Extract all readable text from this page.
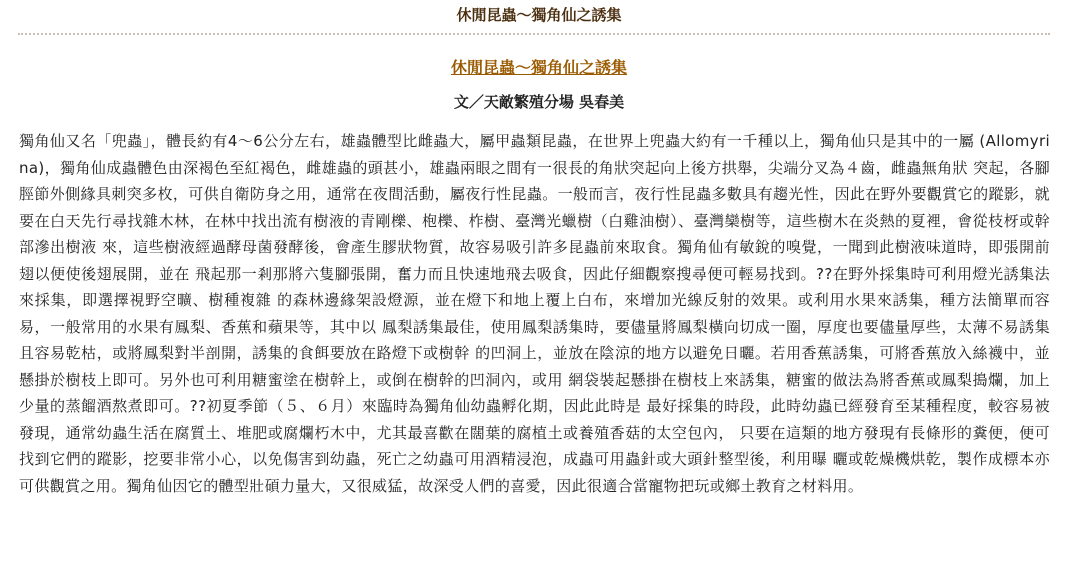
休閒昆蟲～獨角仙之誘集
休閒昆蟲～獨角仙之誘集
文／天敵繁殖分場 吳春美
獨角仙又名「兜蟲」，體長約有4～6公分左右，雄蟲體型比雌蟲大，屬甲蟲類昆蟲，在世界上兜蟲大約有一千種以上，獨角仙只是其中的一屬 (Allomyrina)，獨角仙成蟲體色由深褐色至紅褐色，雌雄蟲的頭甚小，雄蟲兩眼之間有一很長的角狀突起向上後方拱舉，尖端分叉為４齒，雌蟲無角狀 突起，各腳脛節外側緣具刺突多枚，可供自衛防身之用，通常在夜間活動，屬夜行性昆蟲。一般而言，夜行性昆蟲多數具有趨光性，因此在野外要觀賞它的蹤影，就 要在白天先行尋找雜木林，在林中找出流有樹液的青剛櫟、枹櫟、柞樹、臺灣光蠟樹（白雞油樹）、臺灣欒樹等，這些樹木在炎熱的夏裡，會從枝枒或幹部滲出樹液 來，這些樹液經過酵母菌發酵後，會產生膠狀物質，故容易吸引許多昆蟲前來取食。獨角仙有敏銳的嗅覺，一聞到此樹液味道時，即張開前翅以便使後翅展開，並在 飛起那一剎那將六隻腳張開，奮力而且快速地飛去吸食，因此仔細觀察搜尋便可輕易找到。??在野外採集時可利用燈光誘集法來採集，即選擇視野空曠、樹種複雜 的森林邊緣架設燈源，並在燈下和地上覆上白布，來增加光線反射的效果。或利用水果來誘集，種方法簡單而容易，一般常用的水果有鳳梨、香蕉和蘋果等，其中以 鳳梨誘集最佳，使用鳳梨誘集時，要儘量將鳳梨橫向切成一圈，厚度也要儘量厚些，太薄不易誘集且容易乾枯，或將鳳梨對半剖開，誘集的食餌要放在路燈下或樹幹 的凹洞上，並放在陰涼的地方以避免日曬。若用香蕉誘集，可將香蕉放入絲襪中，並懸掛於樹枝上即可。另外也可利用糖蜜塗在樹幹上，或倒在樹幹的凹洞內，或用 網袋裝起懸掛在樹枝上來誘集，糖蜜的做法為將香蕉或鳳梨搗爛，加上少量的蒸餾酒熬煮即可。??初夏季節（５、６月）來臨時為獨角仙幼蟲孵化期，因此此時是 最好採集的時段，此時幼蟲已經發育至某種程度，較容易被發現，通常幼蟲生活在腐質土、堆肥或腐爛朽木中，尤其最喜歡在闊葉的腐植土或養殖香菇的太空包內， 只要在這類的地方發現有長條形的糞便，便可找到它們的蹤影，挖要非常小心，以免傷害到幼蟲，死亡之幼蟲可用酒精浸泡，成蟲可用蟲針或大頭針整型後，利用曝 曬或乾燥機烘乾，製作成標本亦可供觀賞之用。獨角仙因它的體型壯碩力量大，又很威猛，故深受人們的喜愛，因此很適合當寵物把玩或鄉土教育之材料用。
